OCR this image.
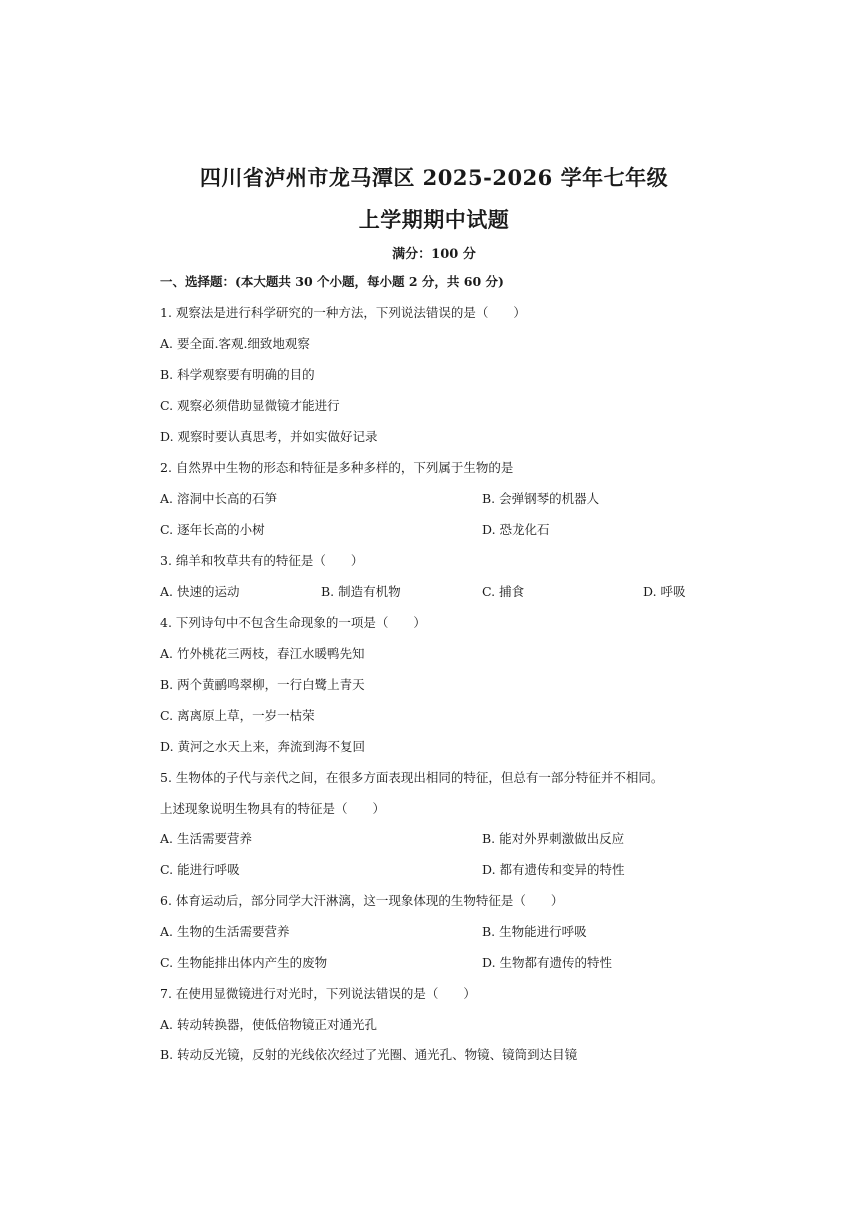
四川省泸州市龙马潭区 2025-2026 学年七年级
上学期期中试题
满分：100 分
一、选择题：(本大题共 30 个小题，每小题 2 分，共 60 分)
1. 观察法是进行科学研究的一种方法，下列说法错误的是（　　）
A. 要全面.客观.细致地观察
B. 科学观察要有明确的目的
C. 观察必须借助显微镜才能进行
D. 观察时要认真思考，并如实做好记录
2. 自然界中生物的形态和特征是多种多样的，下列属于生物的是
A. 溶洞中长高的石笋	B. 会弹钢琴的机器人
C. 逐年长高的小树	D. 恐龙化石
3. 绵羊和牧草共有的特征是（　　）
A. 快速的运动	B. 制造有机物	C. 捕食	D. 呼吸
4. 下列诗句中不包含生命现象的一项是（　　）
A. 竹外桃花三两枝，春江水暖鸭先知
B. 两个黄鹂鸣翠柳，一行白鹭上青天
C. 离离原上草，一岁一枯荣
D. 黄河之水天上来，奔流到海不复回
5. 生物体的子代与亲代之间，在很多方面表现出相同的特征，但总有一部分特征并不相同。
上述现象说明生物具有的特征是（　　）
A. 生活需要营养	B. 能对外界刺激做出反应
C. 能进行呼吸	D. 都有遗传和变异的特性
6. 体育运动后，部分同学大汗淋漓，这一现象体现的生物特征是（　　）
A. 生物的生活需要营养	B. 生物能进行呼吸
C. 生物能排出体内产生的废物	D. 生物都有遗传的特性
7. 在使用显微镜进行对光时，下列说法错误的是（　　）
A. 转动转换器，使低倍物镜正对通光孔
B. 转动反光镜，反射的光线依次经过了光圈、通光孔、物镜、镜筒到达目镜
